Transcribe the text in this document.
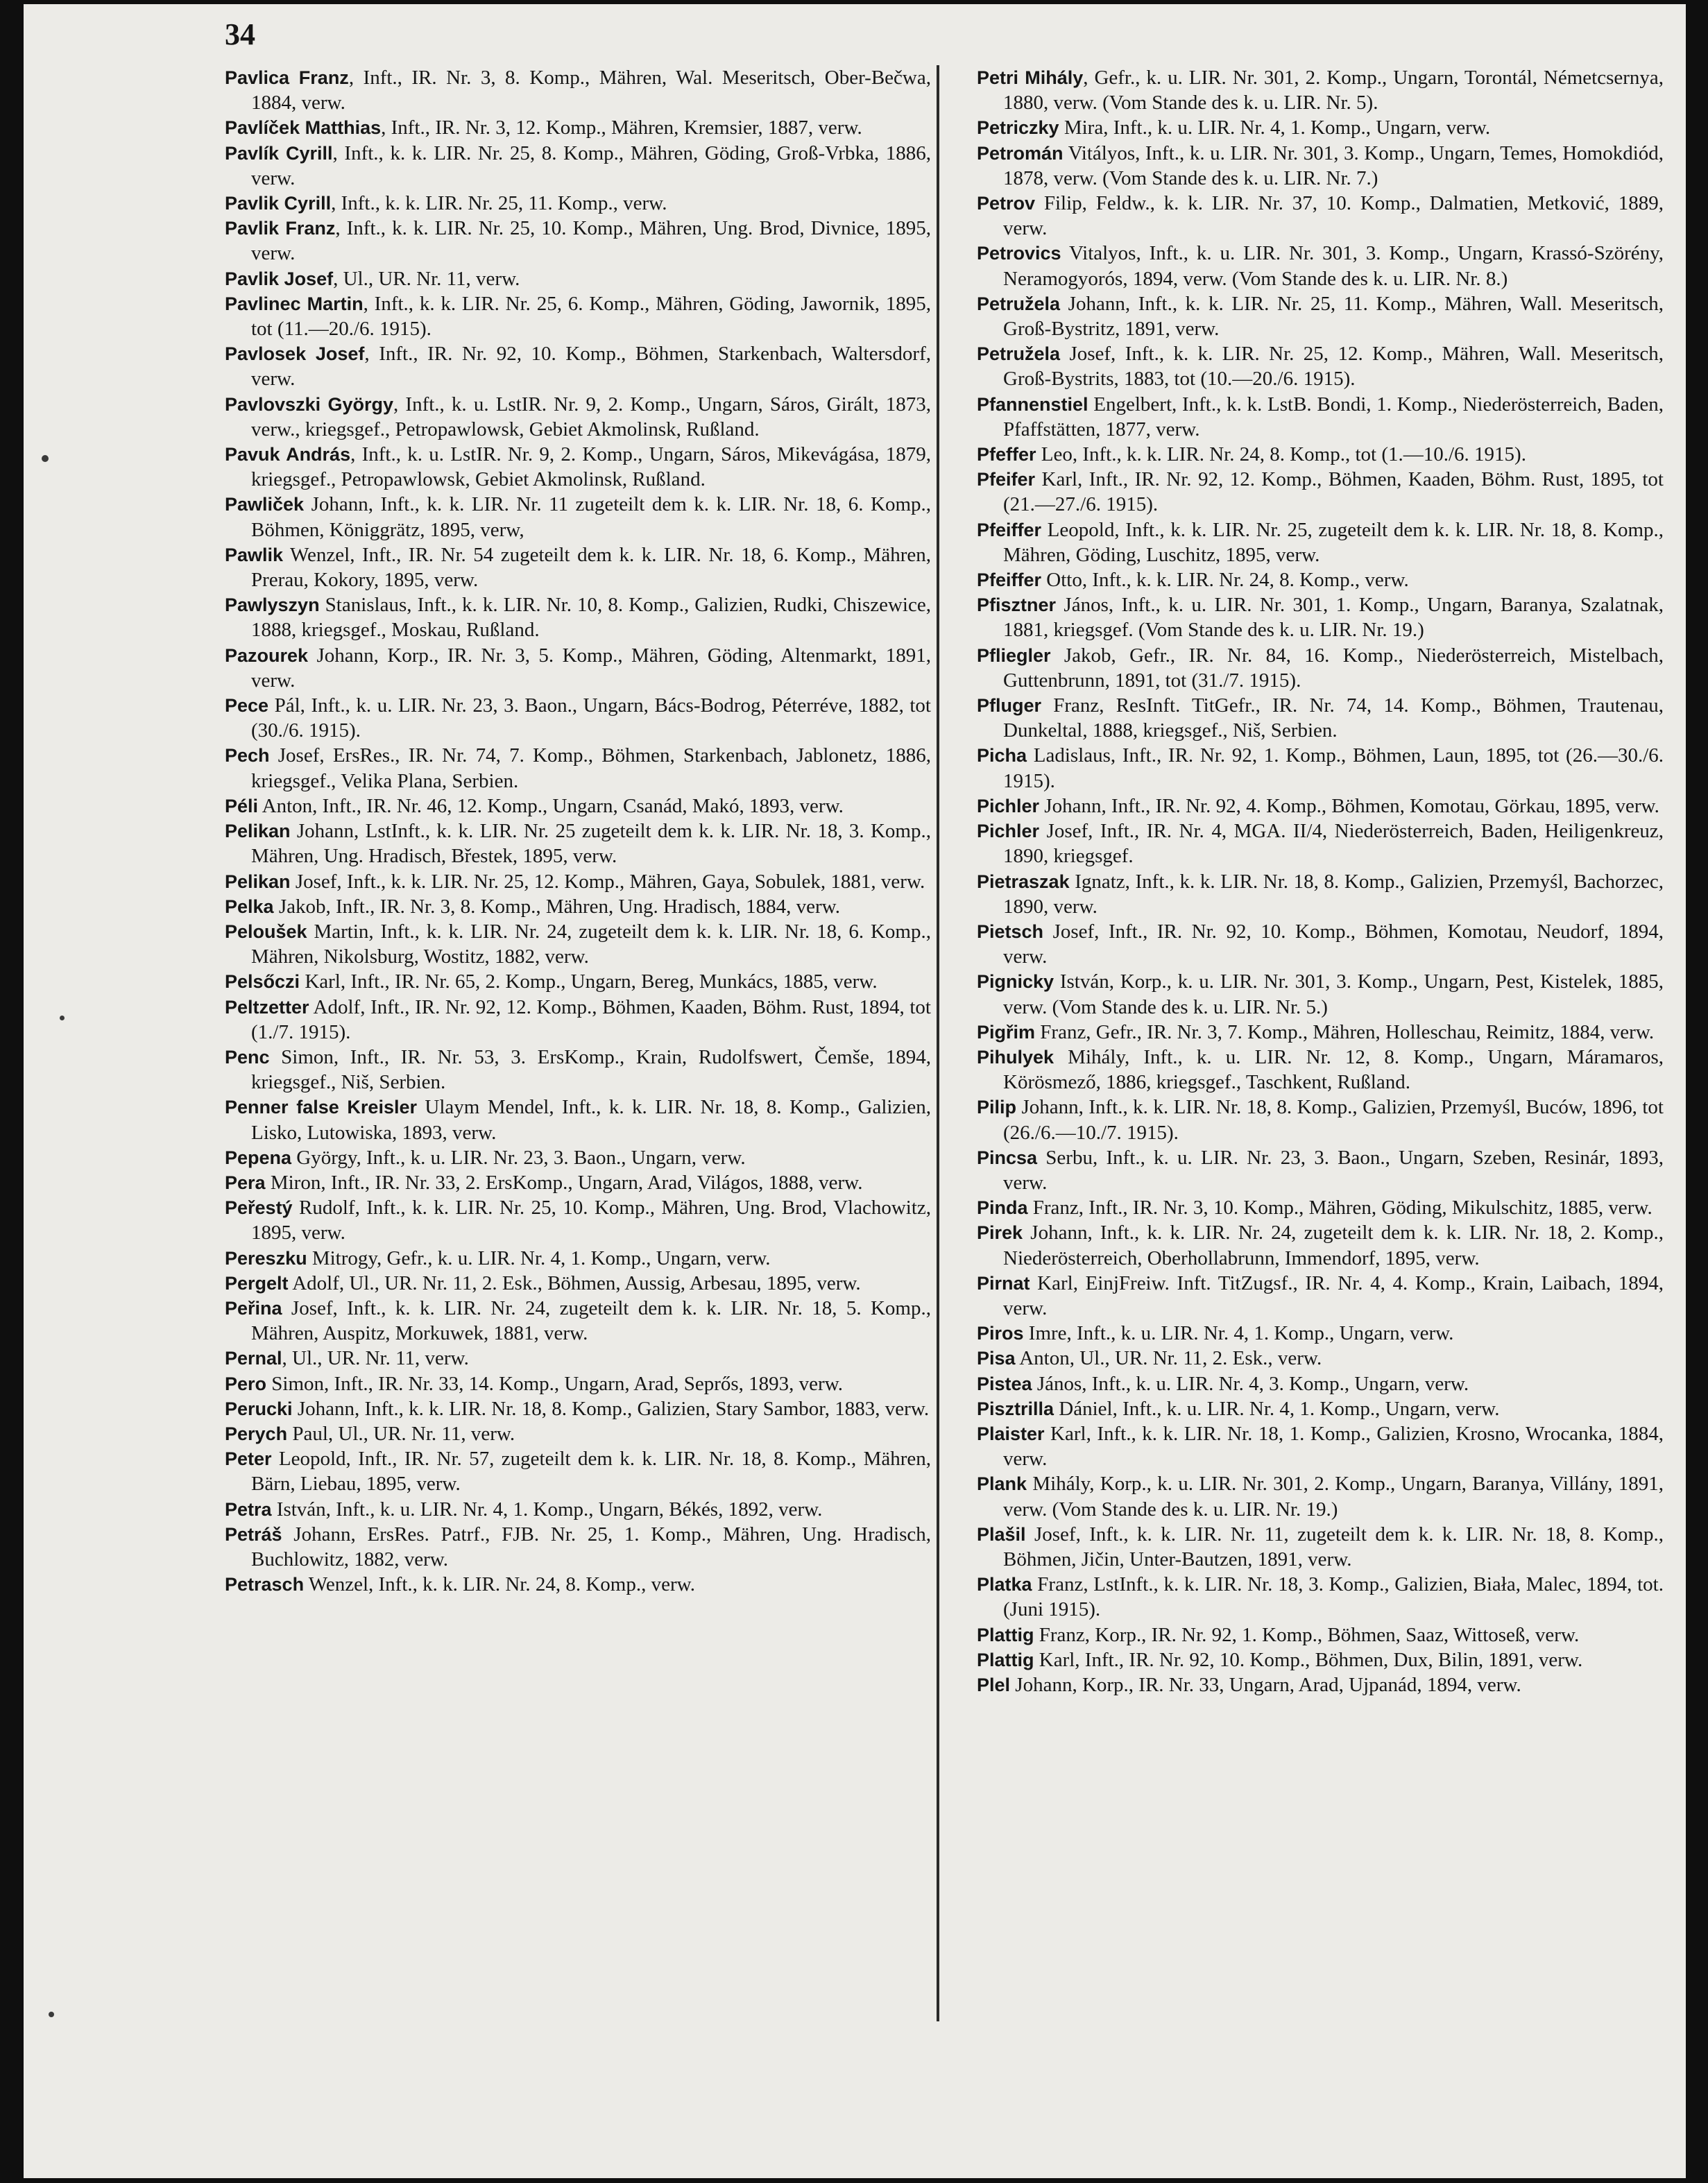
34

Pavlica Franz, Inft., IR. Nr. 3, 8. Komp., Mähren, Wal. Meseritsch, Ober-Bečwa, 1884, verw.

Pavlíček Matthias, Inft., IR. Nr. 3, 12. Komp., Mähren, Kremsier, 1887, verw.

Pavlík Cyrill, Inft., k. k. LIR. Nr. 25, 8. Komp., Mähren, Göding, Groß-Vrbka, 1886, verw.

Pavlik Cyrill, Inft., k. k. LIR. Nr. 25, 11. Komp., verw.

Pavlik Franz, Inft., k. k. LIR. Nr. 25, 10. Komp., Mähren, Ung. Brod, Divnice, 1895, verw.

Pavlik Josef, Ul., UR. Nr. 11, verw.

Pavlinec Martin, Inft., k. k. LIR. Nr. 25, 6. Komp., Mähren, Göding, Jawornik, 1895, tot (11.—20./6. 1915).

Pavlosek Josef, Inft., IR. Nr. 92, 10. Komp., Böhmen, Starkenbach, Waltersdorf, verw.

Pavlovszki György, Inft., k. u. LstIR. Nr. 9, 2. Komp., Ungarn, Sáros, Girált, 1873, verw., kriegsgef., Petropawlowsk, Gebiet Akmolinsk, Rußland.

Pavuk András, Inft., k. u. LstIR. Nr. 9, 2. Komp., Ungarn, Sáros, Mikevágása, 1879, kriegsgef., Petropawlowsk, Gebiet Akmolinsk, Rußland.

Pawliček Johann, Inft., k. k. LIR. Nr. 11 zugeteilt dem k. k. LIR. Nr. 18, 6. Komp., Böhmen, Königgrätz, 1895, verw,

Pawlik Wenzel, Inft., IR. Nr. 54 zugeteilt dem k. k. LIR. Nr. 18, 6. Komp., Mähren, Prerau, Kokory, 1895, verw.

Pawlyszyn Stanislaus, Inft., k. k. LIR. Nr. 10, 8. Komp., Galizien, Rudki, Chiszewice, 1888, kriegsgef., Moskau, Rußland.

Pazourek Johann, Korp., IR. Nr. 3, 5. Komp., Mähren, Göding, Altenmarkt, 1891, verw.

Pece Pál, Inft., k. u. LIR. Nr. 23, 3. Baon., Ungarn, Bács-Bodrog, Péterréve, 1882, tot (30./6. 1915).

Pech Josef, ErsRes., IR. Nr. 74, 7. Komp., Böhmen, Starkenbach, Jablonetz, 1886, kriegsgef., Velika Plana, Serbien.

Péli Anton, Inft., IR. Nr. 46, 12. Komp., Ungarn, Csanád, Makó, 1893, verw.

Pelikan Johann, LstInft., k. k. LIR. Nr. 25 zugeteilt dem k. k. LIR. Nr. 18, 3. Komp., Mähren, Ung. Hradisch, Břestek, 1895, verw.

Pelikan Josef, Inft., k. k. LIR. Nr. 25, 12. Komp., Mähren, Gaya, Sobulek, 1881, verw.

Pelka Jakob, Inft., IR. Nr. 3, 8. Komp., Mähren, Ung. Hradisch, 1884, verw.

Peloušek Martin, Inft., k. k. LIR. Nr. 24, zugeteilt dem k. k. LIR. Nr. 18, 6. Komp., Mähren, Nikolsburg, Wostitz, 1882, verw.

Pelsőczi Karl, Inft., IR. Nr. 65, 2. Komp., Ungarn, Bereg, Munkács, 1885, verw.

Peltzetter Adolf, Inft., IR. Nr. 92, 12. Komp., Böhmen, Kaaden, Böhm. Rust, 1894, tot (1./7. 1915).

Penc Simon, Inft., IR. Nr. 53, 3. ErsKomp., Krain, Rudolfswert, Čemše, 1894, kriegsgef., Niš, Serbien.

Penner false Kreisler Ulaym Mendel, Inft., k. k. LIR. Nr. 18, 8. Komp., Galizien, Lisko, Lutowiska, 1893, verw.

Pepena György, Inft., k. u. LIR. Nr. 23, 3. Baon., Ungarn, verw.

Pera Miron, Inft., IR. Nr. 33, 2. ErsKomp., Ungarn, Arad, Világos, 1888, verw.

Peřestý Rudolf, Inft., k. k. LIR. Nr. 25, 10. Komp., Mähren, Ung. Brod, Vlachowitz, 1895, verw.

Pereszku Mitrogy, Gefr., k. u. LIR. Nr. 4, 1. Komp., Ungarn, verw.

Pergelt Adolf, Ul., UR. Nr. 11, 2. Esk., Böhmen, Aussig, Arbesau, 1895, verw.

Peřina Josef, Inft., k. k. LIR. Nr. 24, zugeteilt dem k. k. LIR. Nr. 18, 5. Komp., Mähren, Auspitz, Morkuwek, 1881, verw.

Pernal, Ul., UR. Nr. 11, verw.

Pero Simon, Inft., IR. Nr. 33, 14. Komp., Ungarn, Arad, Seprős, 1893, verw.

Perucki Johann, Inft., k. k. LIR. Nr. 18, 8. Komp., Galizien, Stary Sambor, 1883, verw.

Perych Paul, Ul., UR. Nr. 11, verw.

Peter Leopold, Inft., IR. Nr. 57, zugeteilt dem k. k. LIR. Nr. 18, 8. Komp., Mähren, Bärn, Liebau, 1895, verw.

Petra István, Inft., k. u. LIR. Nr. 4, 1. Komp., Ungarn, Békés, 1892, verw.

Petráš Johann, ErsRes. Patrf., FJB. Nr. 25, 1. Komp., Mähren, Ung. Hradisch, Buchlowitz, 1882, verw.

Petrasch Wenzel, Inft., k. k. LIR. Nr. 24, 8. Komp., verw.

Petri Mihály, Gefr., k. u. LIR. Nr. 301, 2. Komp., Ungarn, Torontál, Németcsernya, 1880, verw. (Vom Stande des k. u. LIR. Nr. 5).

Petriczky Mira, Inft., k. u. LIR. Nr. 4, 1. Komp., Ungarn, verw.

Petromán Vitályos, Inft., k. u. LIR. Nr. 301, 3. Komp., Ungarn, Temes, Homokdiód, 1878, verw. (Vom Stande des k. u. LIR. Nr. 7.)

Petrov Filip, Feldw., k. k. LIR. Nr. 37, 10. Komp., Dalmatien, Metković, 1889, verw.

Petrovics Vitalyos, Inft., k. u. LIR. Nr. 301, 3. Komp., Ungarn, Krassó-Szörény, Neramogyorós, 1894, verw. (Vom Stande des k. u. LIR. Nr. 8.)

Petružela Johann, Inft., k. k. LIR. Nr. 25, 11. Komp., Mähren, Wall. Meseritsch, Groß-Bystritz, 1891, verw.

Petružela Josef, Inft., k. k. LIR. Nr. 25, 12. Komp., Mähren, Wall. Meseritsch, Groß-Bystrits, 1883, tot (10.—20./6. 1915).

Pfannenstiel Engelbert, Inft., k. k. LstB. Bondi, 1. Komp., Niederösterreich, Baden, Pfaffstätten, 1877, verw.

Pfeffer Leo, Inft., k. k. LIR. Nr. 24, 8. Komp., tot (1.—10./6. 1915).

Pfeifer Karl, Inft., IR. Nr. 92, 12. Komp., Böhmen, Kaaden, Böhm. Rust, 1895, tot (21.—27./6. 1915).

Pfeiffer Leopold, Inft., k. k. LIR. Nr. 25, zugeteilt dem k. k. LIR. Nr. 18, 8. Komp., Mähren, Göding, Luschitz, 1895, verw.

Pfeiffer Otto, Inft., k. k. LIR. Nr. 24, 8. Komp., verw.

Pfisztner János, Inft., k. u. LIR. Nr. 301, 1. Komp., Ungarn, Baranya, Szalatnak, 1881, kriegsgef. (Vom Stande des k. u. LIR. Nr. 19.)

Pfliegler Jakob, Gefr., IR. Nr. 84, 16. Komp., Niederösterreich, Mistelbach, Guttenbrunn, 1891, tot (31./7. 1915).

Pfluger Franz, ResInft. TitGefr., IR. Nr. 74, 14. Komp., Böhmen, Trautenau, Dunkeltal, 1888, kriegsgef., Niš, Serbien.

Picha Ladislaus, Inft., IR. Nr. 92, 1. Komp., Böhmen, Laun, 1895, tot (26.—30./6. 1915).

Pichler Johann, Inft., IR. Nr. 92, 4. Komp., Böhmen, Komotau, Görkau, 1895, verw.

Pichler Josef, Inft., IR. Nr. 4, MGA. II/4, Niederösterreich, Baden, Heiligenkreuz, 1890, kriegsgef.

Pietraszak Ignatz, Inft., k. k. LIR. Nr. 18, 8. Komp., Galizien, Przemyśl, Bachorzec, 1890, verw.

Pietsch Josef, Inft., IR. Nr. 92, 10. Komp., Böhmen, Komotau, Neudorf, 1894, verw.

Pignicky István, Korp., k. u. LIR. Nr. 301, 3. Komp., Ungarn, Pest, Kistelek, 1885, verw. (Vom Stande des k. u. LIR. Nr. 5.)

Pigřim Franz, Gefr., IR. Nr. 3, 7. Komp., Mähren, Holleschau, Reimitz, 1884, verw.

Pihulyek Mihály, Inft., k. u. LIR. Nr. 12, 8. Komp., Ungarn, Máramaros, Körösmező, 1886, kriegsgef., Taschkent, Rußland.

Pilip Johann, Inft., k. k. LIR. Nr. 18, 8. Komp., Galizien, Przemyśl, Buców, 1896, tot (26./6.—10./7. 1915).

Pincsa Serbu, Inft., k. u. LIR. Nr. 23, 3. Baon., Ungarn, Szeben, Resinár, 1893, verw.

Pinda Franz, Inft., IR. Nr. 3, 10. Komp., Mähren, Göding, Mikulschitz, 1885, verw.

Pirek Johann, Inft., k. k. LIR. Nr. 24, zugeteilt dem k. k. LIR. Nr. 18, 2. Komp., Niederösterreich, Oberhollabrunn, Immendorf, 1895, verw.

Pirnat Karl, EinjFreiw. Inft. TitZugsf., IR. Nr. 4, 4. Komp., Krain, Laibach, 1894, verw.

Piros Imre, Inft., k. u. LIR. Nr. 4, 1. Komp., Ungarn, verw.

Pisa Anton, Ul., UR. Nr. 11, 2. Esk., verw.

Pistea János, Inft., k. u. LIR. Nr. 4, 3. Komp., Ungarn, verw.

Pisztrilla Dániel, Inft., k. u. LIR. Nr. 4, 1. Komp., Ungarn, verw.

Plaister Karl, Inft., k. k. LIR. Nr. 18, 1. Komp., Galizien, Krosno, Wrocanka, 1884, verw.

Plank Mihály, Korp., k. u. LIR. Nr. 301, 2. Komp., Ungarn, Baranya, Villány, 1891, verw. (Vom Stande des k. u. LIR. Nr. 19.)

Plašil Josef, Inft., k. k. LIR. Nr. 11, zugeteilt dem k. k. LIR. Nr. 18, 8. Komp., Böhmen, Jičin, Unter-Bautzen, 1891, verw.

Platka Franz, LstInft., k. k. LIR. Nr. 18, 3. Komp., Galizien, Biała, Malec, 1894, tot. (Juni 1915).

Plattig Franz, Korp., IR. Nr. 92, 1. Komp., Böhmen, Saaz, Wittoseß, verw.

Plattig Karl, Inft., IR. Nr. 92, 10. Komp., Böhmen, Dux, Bilin, 1891, verw.

Plel Johann, Korp., IR. Nr. 33, Ungarn, Arad, Ujpanád, 1894, verw.
